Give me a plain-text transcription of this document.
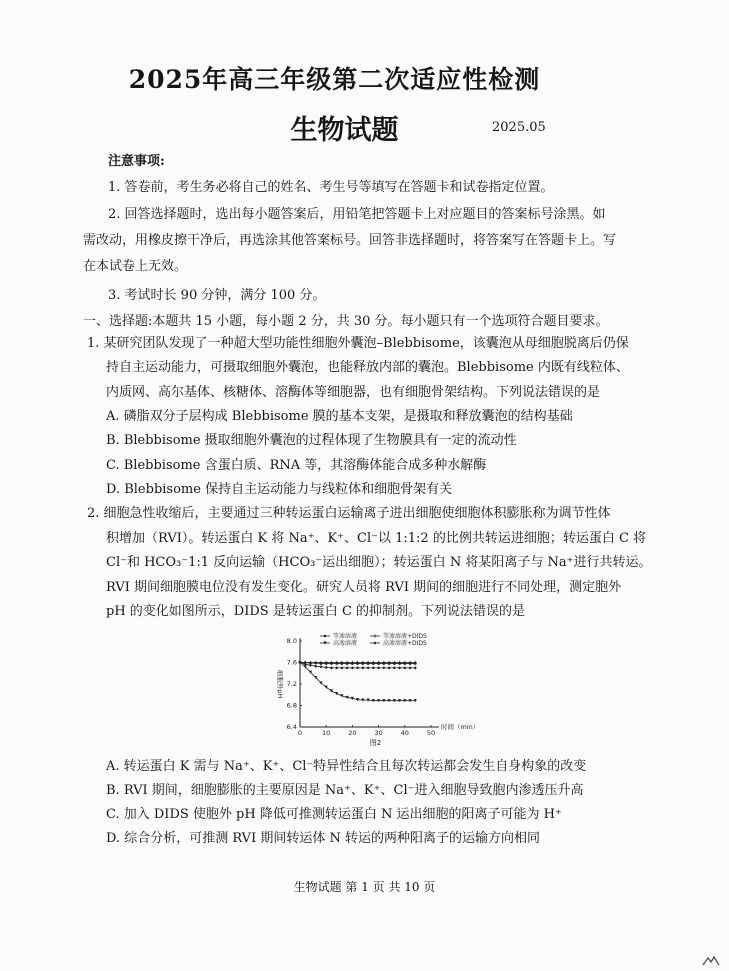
2025年高三年级第二次适应性检测
生物试题	2025.05
注意事项:
1. 答卷前，考生务必将自己的姓名、考生号等填写在答题卡和试卷指定位置。
2. 回答选择题时，选出每小题答案后，用铅笔把答题卡上对应题目的答案标号涂黑。如
需改动，用橡皮擦干净后，再选涂其他答案标号。回答非选择题时，将答案写在答题卡上。写
在本试卷上无效。
3. 考试时长 90 分钟，满分 100 分。
一、选择题:本题共 15 小题，每小题 2 分，共 30 分。每小题只有一个选项符合题目要求。
1. 某研究团队发现了一种超大型功能性细胞外囊泡–Blebbisome，该囊泡从母细胞脱离后仍保
持自主运动能力，可摄取细胞外囊泡，也能释放内部的囊泡。Blebbisome 内既有线粒体、
内质网、高尔基体、核糖体、溶酶体等细胞器，也有细胞骨架结构。下列说法错误的是
A. 磷脂双分子层构成 Blebbisome 膜的基本支架，是摄取和释放囊泡的结构基础
B. Blebbisome 摄取细胞外囊泡的过程体现了生物膜具有一定的流动性
C. Blebbisome 含蛋白质、RNA 等，其溶酶体能合成多种水解酶
D. Blebbisome 保持自主运动能力与线粒体和细胞骨架有关
2. 细胞急性收缩后，主要通过三种转运蛋白运输离子进出细胞使细胞体积膨胀称为调节性体
积增加（RVI）。转运蛋白 K 将 Na⁺、K⁺、Cl⁻以 1:1:2 的比例共转运进细胞；转运蛋白 C 将
Cl⁻和 HCO₃⁻1:1 反向运输（HCO₃⁻运出细胞）；转运蛋白 N 将某阳离子与 Na⁺进行共转运。
RVI 期间细胞膜电位没有发生变化。研究人员将 RVI 期间的细胞进行不同处理，测定胞外
pH 的变化如图所示，DIDS 是转运蛋白 C 的抑制剂。下列说法错误的是
0	10	20	30	40	50
6.4
6.8
7.2
7.6
8.0
时间（min）
细胞外pH
图2
等渗溶液	等渗溶液+DIDS
高渗溶液	高渗溶液+DIDS
A. 转运蛋白 K 需与 Na⁺、K⁺、Cl⁻特异性结合且每次转运都会发生自身构象的改变
B. RVI 期间，细胞膨胀的主要原因是 Na⁺、K⁺、Cl⁻进入细胞导致胞内渗透压升高
C. 加入 DIDS 使胞外 pH 降低可推测转运蛋白 N 运出细胞的阳离子可能为 H⁺
D. 综合分析，可推测 RVI 期间转运体 N 转运的两种阳离子的运输方向相同
生物试题 第 1 页 共 10 页
